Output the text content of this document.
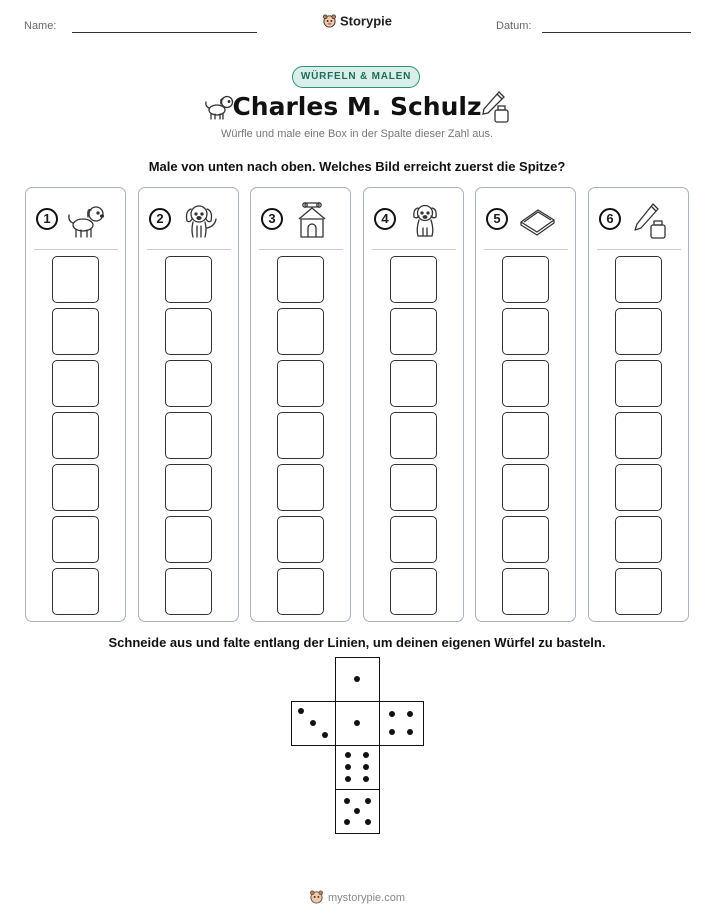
Name:	Storypie	Datum:
WÜRFELN & MALEN
Charles M. Schulz
Würfle und male eine Box in der Spalte dieser Zahl aus.
Male von unten nach oben. Welches Bild erreicht zuerst die Spitze?
1	2	3	4	5	6
Schneide aus und falte entlang der Linien, um deinen eigenen Würfel zu basteln.
mystorypie.com
